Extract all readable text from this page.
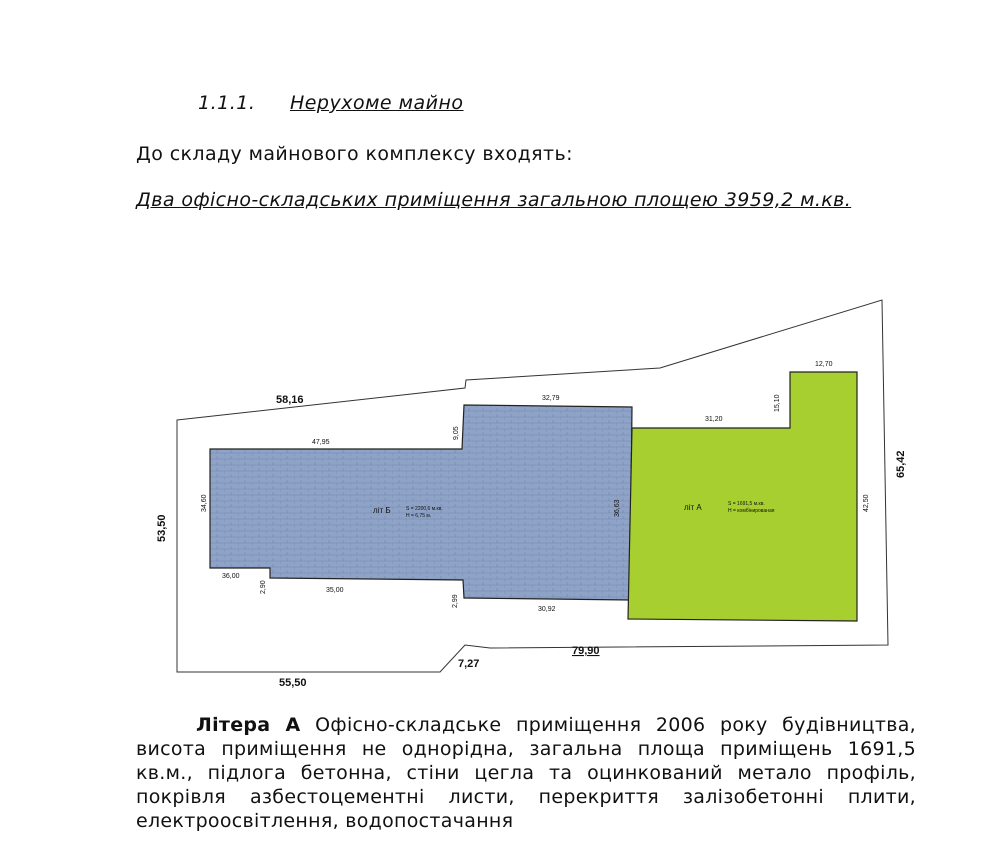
1.1.1. Нерухоме майно
До складу майнового комплексу входять:
Два офісно-складських приміщення загальною площею 3959,2 м.кв.
58,16
53,50
55,50
7,27
79,90
65,42
47,95
32,79
9,05
34,60
36,00
2,90	35,00
2,99
30,92
36,63
літ Б	S = 2200,6 м.кв.
H = 6,75 м.
31,20
12,70
15,10
42,50
літ А	S = 1691,5 м.кв.
H = комбінированая

Літера А Офісно-складське приміщення 2006 року будівництва, висота приміщення не однорідна, загальна площа приміщень 1691,5 кв.м., підлога бетонна, стіни цегла та оцинкований метало профіль, покрівля азбестоцементні листи, перекриття залізобетонні плити, електроосвітлення, водопостачання
